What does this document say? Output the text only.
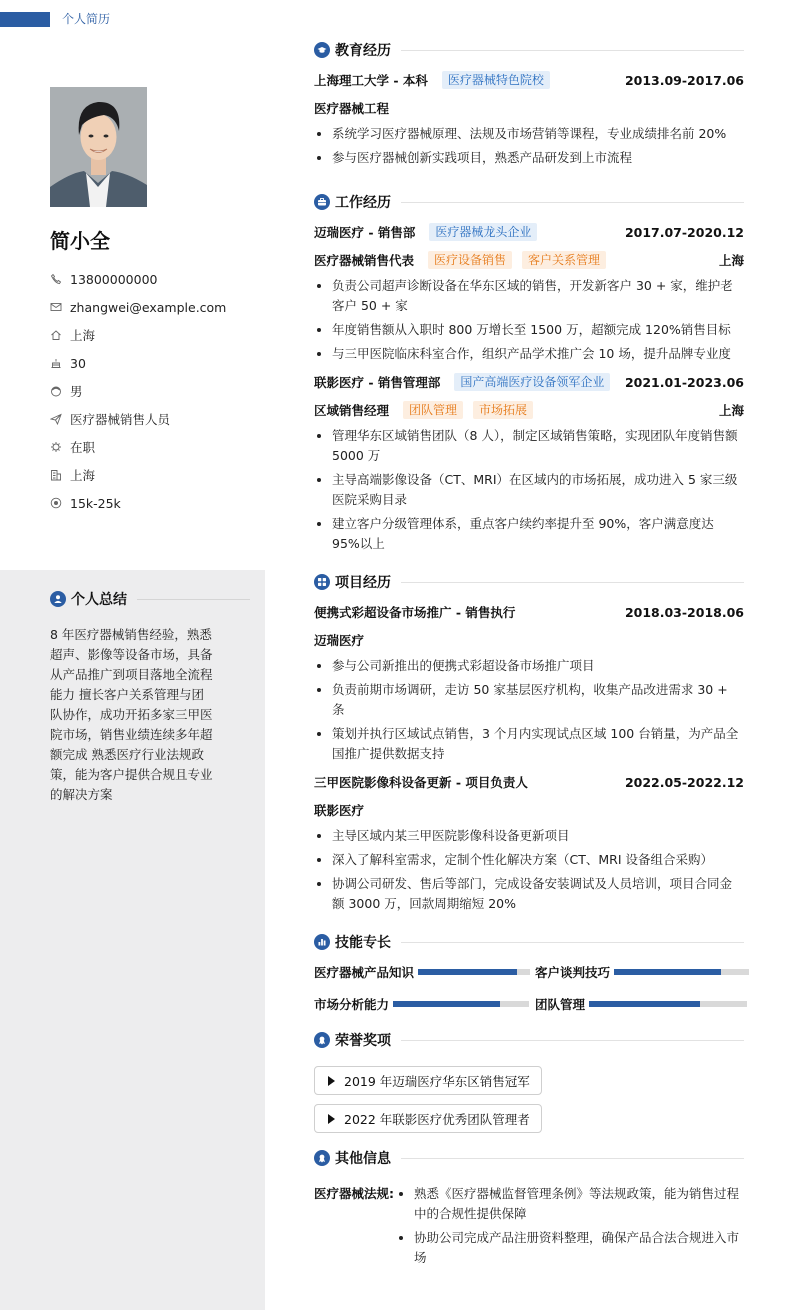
个人简历
简小全
13800000000
zhangwei@example.com
上海
30
男
医疗器械销售人员
在职
上海
15k-25k
个人总结
8 年医疗器械销售经验，熟悉超声、影像等设备市场，具备从产品推广到项目落地全流程能力 擅长客户关系管理与团队协作，成功开拓多家三甲医院市场，销售业绩连续多年超额完成 熟悉医疗行业法规政策，能为客户提供合规且专业的解决方案
教育经历
上海理工大学 - 本科	医疗器械特色院校	2013.09-2017.06
医疗器械工程
系统学习医疗器械原理、法规及市场营销等课程，专业成绩排名前 20%
参与医疗器械创新实践项目，熟悉产品研发到上市流程
工作经历
迈瑞医疗 - 销售部	医疗器械龙头企业	2017.07-2020.12
医疗器械销售代表	医疗设备销售	客户关系管理	上海
负责公司超声诊断设备在华东区域的销售，开发新客户 30 + 家，维护老客户 50 + 家
年度销售额从入职时 800 万增长至 1500 万，超额完成 120%销售目标
与三甲医院临床科室合作，组织产品学术推广会 10 场，提升品牌专业度
联影医疗 - 销售管理部	国产高端医疗设备领军企业	2021.01-2023.06
区域销售经理	团队管理	市场拓展	上海
管理华东区域销售团队（8 人），制定区域销售策略，实现团队年度销售额 5000 万
主导高端影像设备（CT、MRI）在区域内的市场拓展，成功进入 5 家三级医院采购目录
建立客户分级管理体系，重点客户续约率提升至 90%，客户满意度达 95%以上
项目经历
便携式彩超设备市场推广 - 销售执行	2018.03-2018.06
迈瑞医疗
参与公司新推出的便携式彩超设备市场推广项目
负责前期市场调研，走访 50 家基层医疗机构，收集产品改进需求 30 + 条
策划并执行区域试点销售，3 个月内实现试点区域 100 台销量，为产品全国推广提供数据支持
三甲医院影像科设备更新 - 项目负责人	2022.05-2022.12
联影医疗
主导区域内某三甲医院影像科设备更新项目
深入了解科室需求，定制个性化解决方案（CT、MRI 设备组合采购）
协调公司研发、售后等部门，完成设备安装调试及人员培训，项目合同金额 3000 万，回款周期缩短 20%
技能专长
医疗器械产品知识	客户谈判技巧
市场分析能力	团队管理
荣誉奖项
2019 年迈瑞医疗华东区销售冠军
2022 年联影医疗优秀团队管理者
其他信息
医疗器械法规:	熟悉《医疗器械监督管理条例》等法规政策，能为销售过程中的合规性提供保障
协助公司完成产品注册资料整理，确保产品合法合规进入市场
